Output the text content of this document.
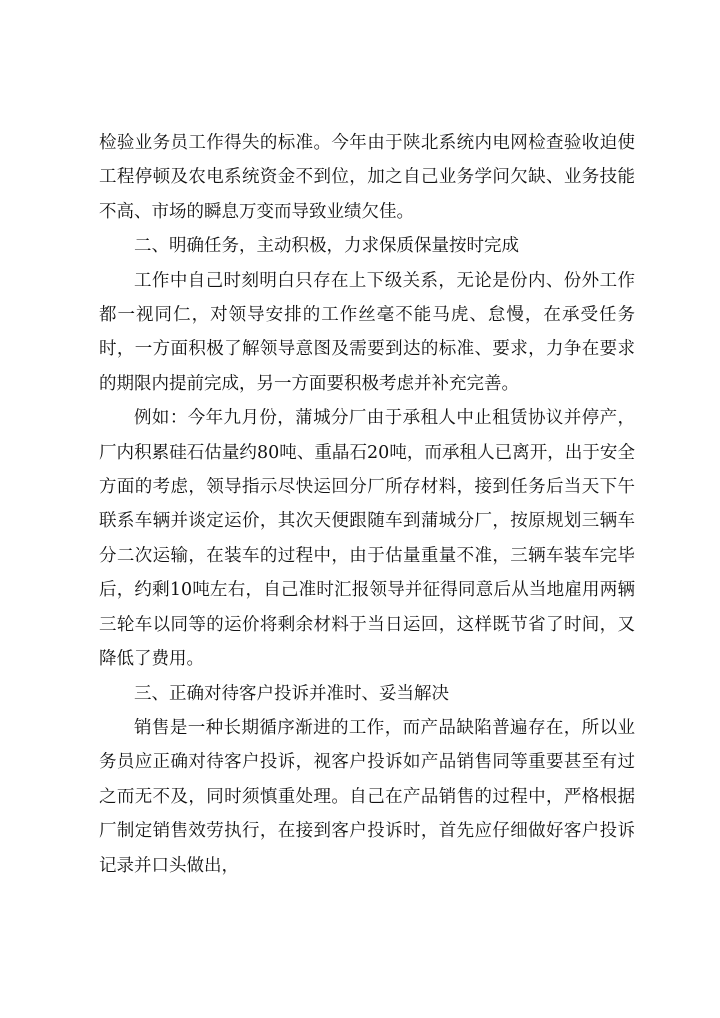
检验业务员工作得失的标准。今年由于陕北系统内电网检查验收迫使工程停顿及农电系统资金不到位，加之自己业务学问欠缺、业务技能不高、市场的瞬息万变而导致业绩欠佳。

二、明确任务，主动积极，力求保质保量按时完成

工作中自己时刻明白只存在上下级关系，无论是份内、份外工作都一视同仁，对领导安排的工作丝毫不能马虎、怠慢，在承受任务时，一方面积极了解领导意图及需要到达的标准、要求，力争在要求的期限内提前完成，另一方面要积极考虑并补充完善。

例如：今年九月份，蒲城分厂由于承租人中止租赁协议并停产，厂内积累硅石估量约80吨、重晶石20吨，而承租人已离开，出于安全方面的考虑，领导指示尽快运回分厂所存材料，接到任务后当天下午联系车辆并谈定运价，其次天便跟随车到蒲城分厂，按原规划三辆车分二次运输，在装车的过程中，由于估量重量不准，三辆车装车完毕后，约剩10吨左右，自己准时汇报领导并征得同意后从当地雇用两辆三轮车以同等的运价将剩余材料于当日运回，这样既节省了时间，又降低了费用。

三、正确对待客户投诉并准时、妥当解决

销售是一种长期循序渐进的工作，而产品缺陷普遍存在，所以业务员应正确对待客户投诉，视客户投诉如产品销售同等重要甚至有过之而无不及，同时须慎重处理。自己在产品销售的过程中，严格根据厂制定销售效劳执行，在接到客户投诉时，首先应仔细做好客户投诉记录并口头做出，
